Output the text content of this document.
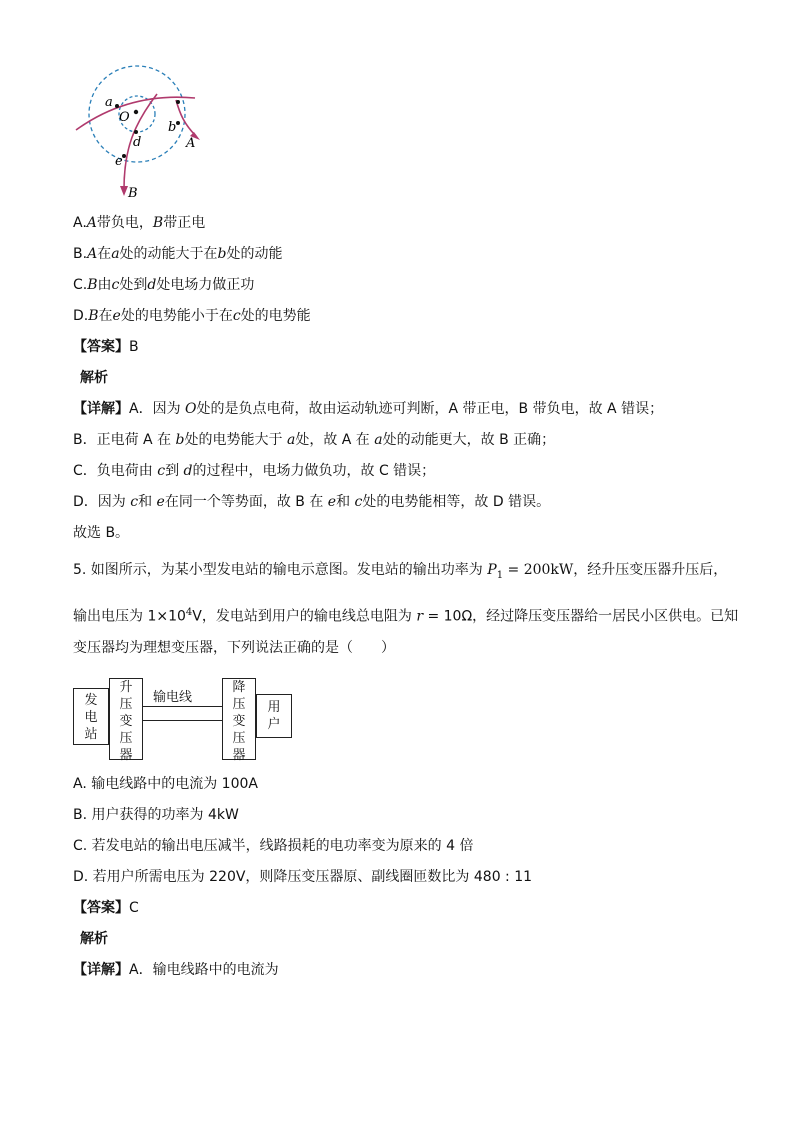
a
O
b
d
e
A
B
A.A带负电，B带正电
B.A在a处的动能大于在b处的动能
C.B由c处到d处电场力做正功
D.B在e处的电势能小于在c处的电势能
【答案】B
解析
【详解】A．因为 O处的是负点电荷，故由运动轨迹可判断，A 带正电，B 带负电，故 A 错误；
B．正电荷 A 在 b处的电势能大于 a处，故 A 在 a处的动能更大，故 B 正确；
C．负电荷由 c到 d的过程中，电场力做负功，故 C 错误；
D．因为 c和 e在同一个等势面，故 B 在 e和 c处的电势能相等，故 D 错误。
故选 B。
5. 如图所示，为某小型发电站的输电示意图。发电站的输出功率为 $P_1 = 200kW$，经升压变压器升压后，
输出电压为 $1\times 10^4V$，发电站到用户的输电线总电阻为 r = 10Ω，经过降压变压器给一居民小区供电。已知
变压器均为理想变压器，下列说法正确的是（　　）
发
电
站
升
压
变
压
器
输电线
降
压
变
压
器
用
户
A. 输电线路中的电流为 100A
B. 用户获得的功率为 4kW
C. 若发电站的输出电压减半，线路损耗的电功率变为原来的 4 倍
D. 若用户所需电压为 220V，则降压变压器原、副线圈匝数比为 480 : 11
【答案】C
解析
【详解】A．输电线路中的电流为
